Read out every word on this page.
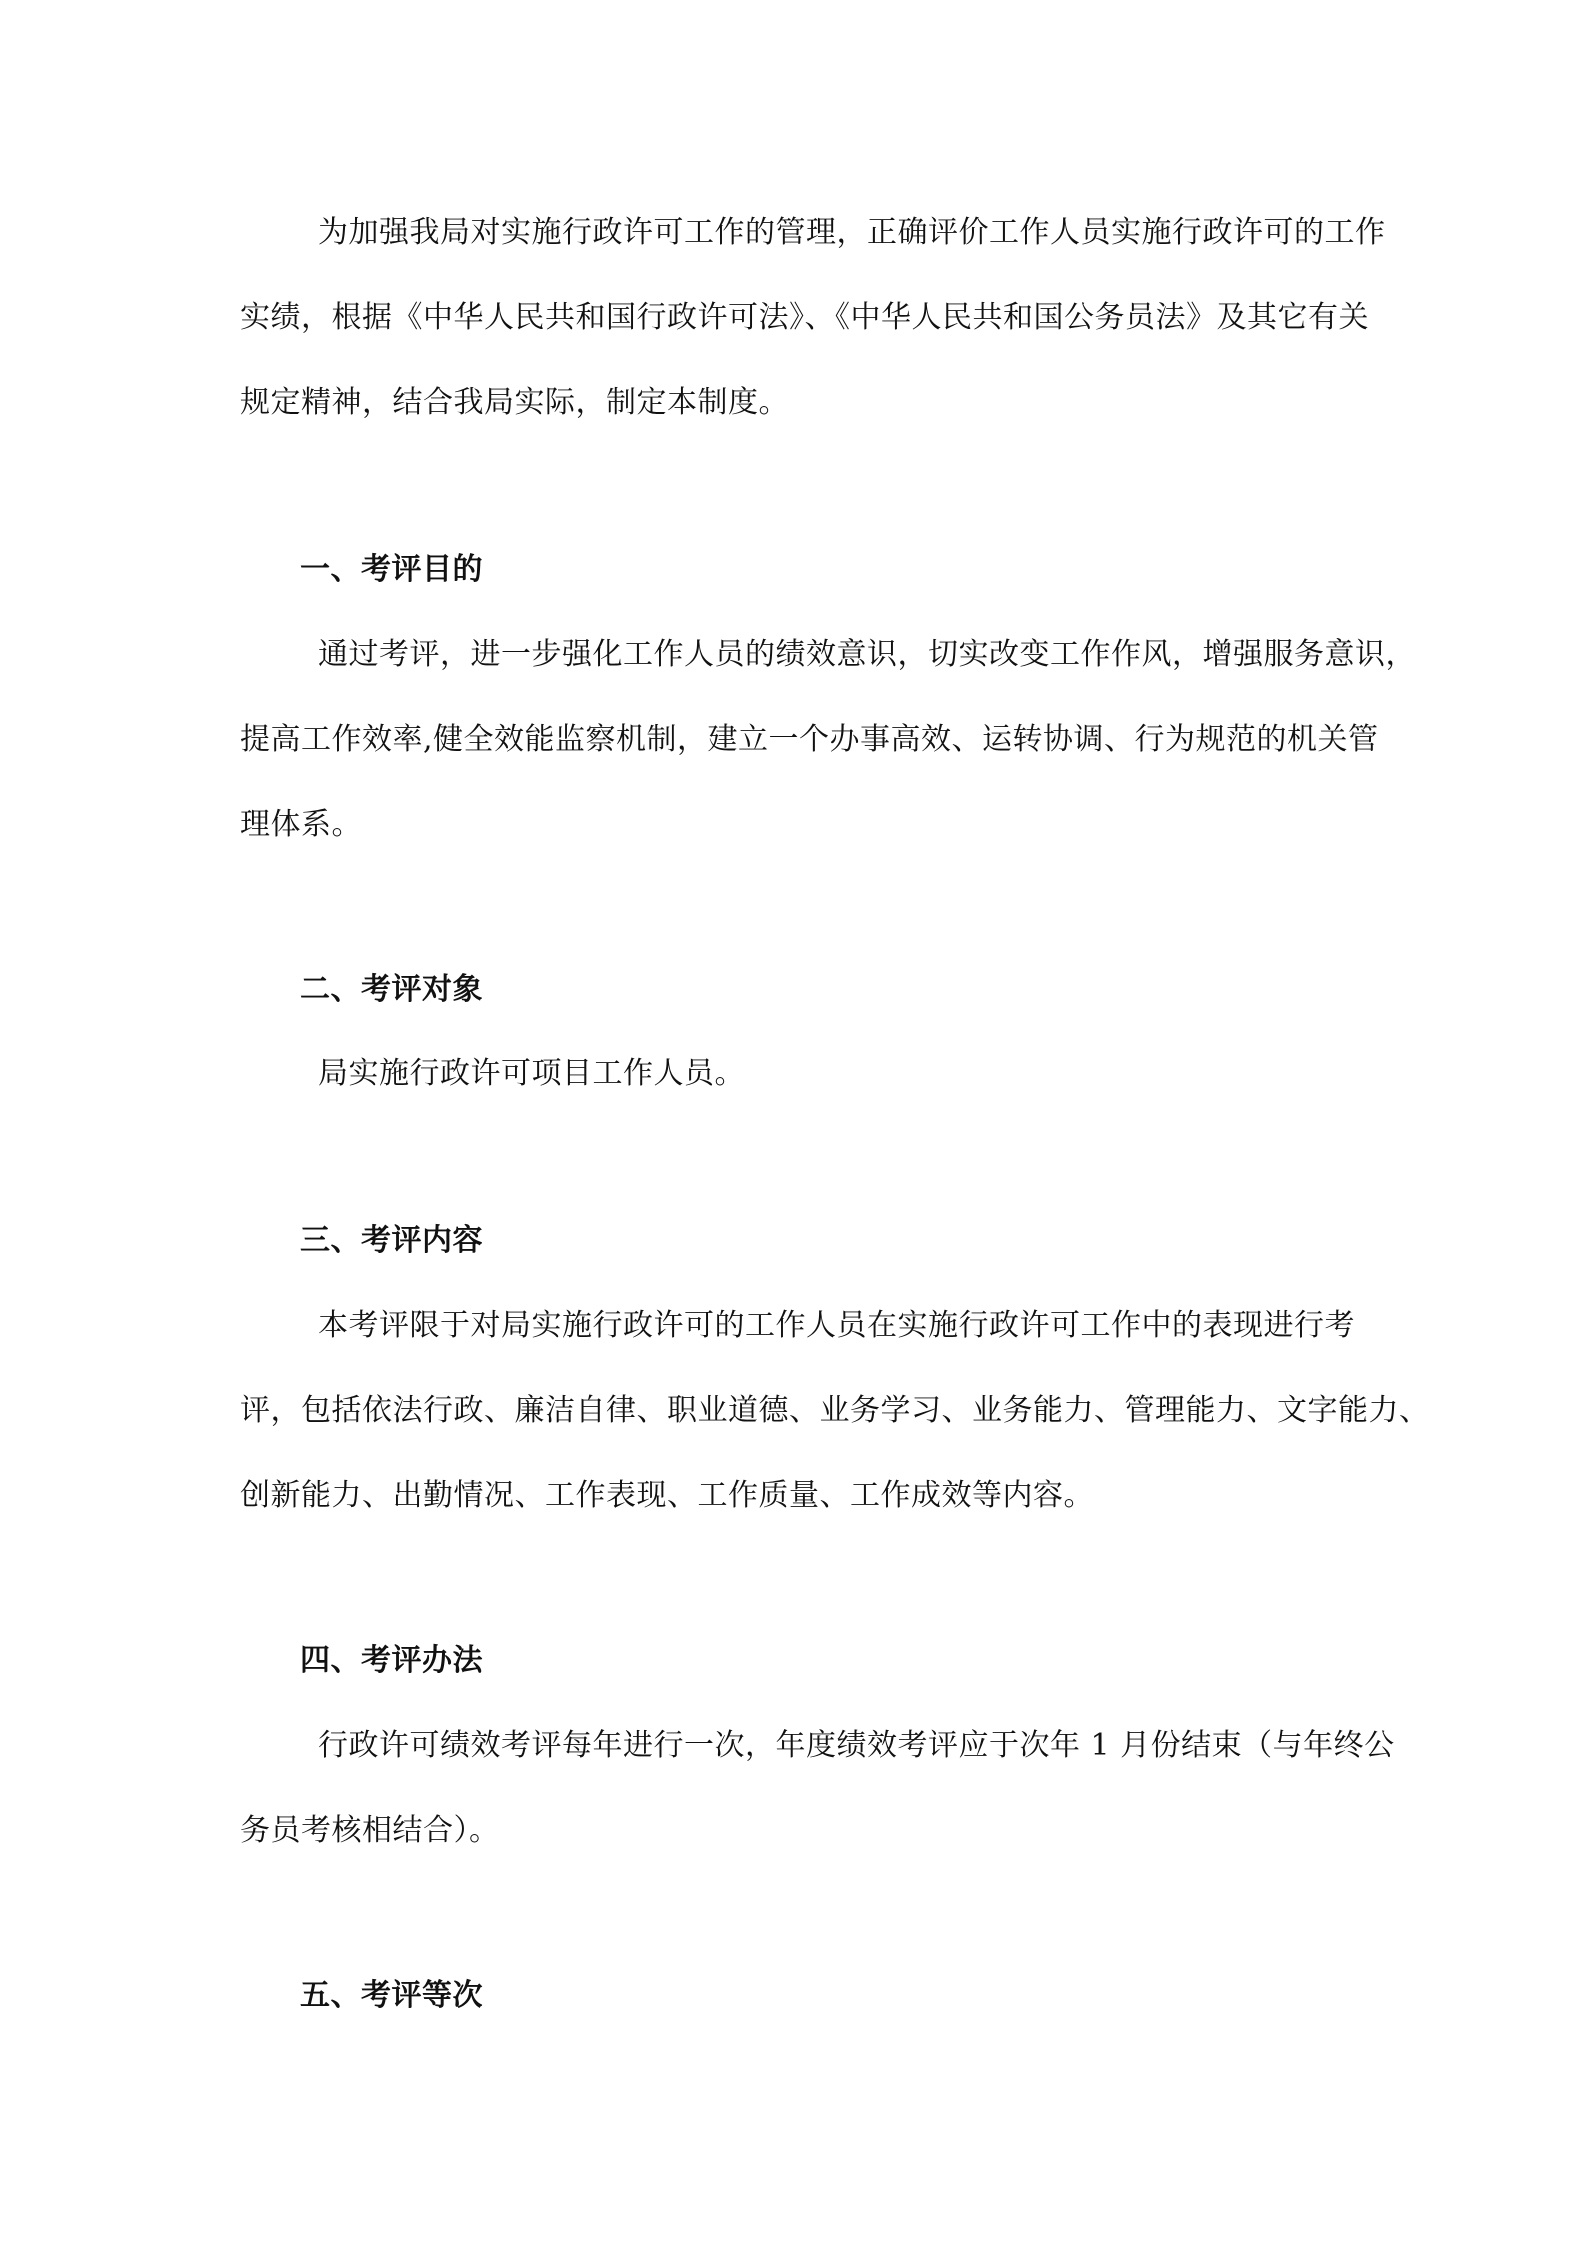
为加强我局对实施行政许可工作的管理，正确评价工作人员实施行政许可的工作
实绩，根据《中华人民共和国行政许可法》、《中华人民共和国公务员法》及其它有关
规定精神，结合我局实际，制定本制度。
一、考评目的
通过考评，进一步强化工作人员的绩效意识，切实改变工作作风，增强服务意识，
提高工作效率,健全效能监察机制，建立一个办事高效、运转协调、行为规范的机关管
理体系。
二、考评对象
局实施行政许可项目工作人员。
三、考评内容
本考评限于对局实施行政许可的工作人员在实施行政许可工作中的表现进行考
评，包括依法行政、廉洁自律、职业道德、业务学习、业务能力、管理能力、文字能力、
创新能力、出勤情况、工作表现、工作质量、工作成效等内容。
四、考评办法
行政许可绩效考评每年进行一次，年度绩效考评应于次年 1 月份结束（与年终公
务员考核相结合）。
五、考评等次
